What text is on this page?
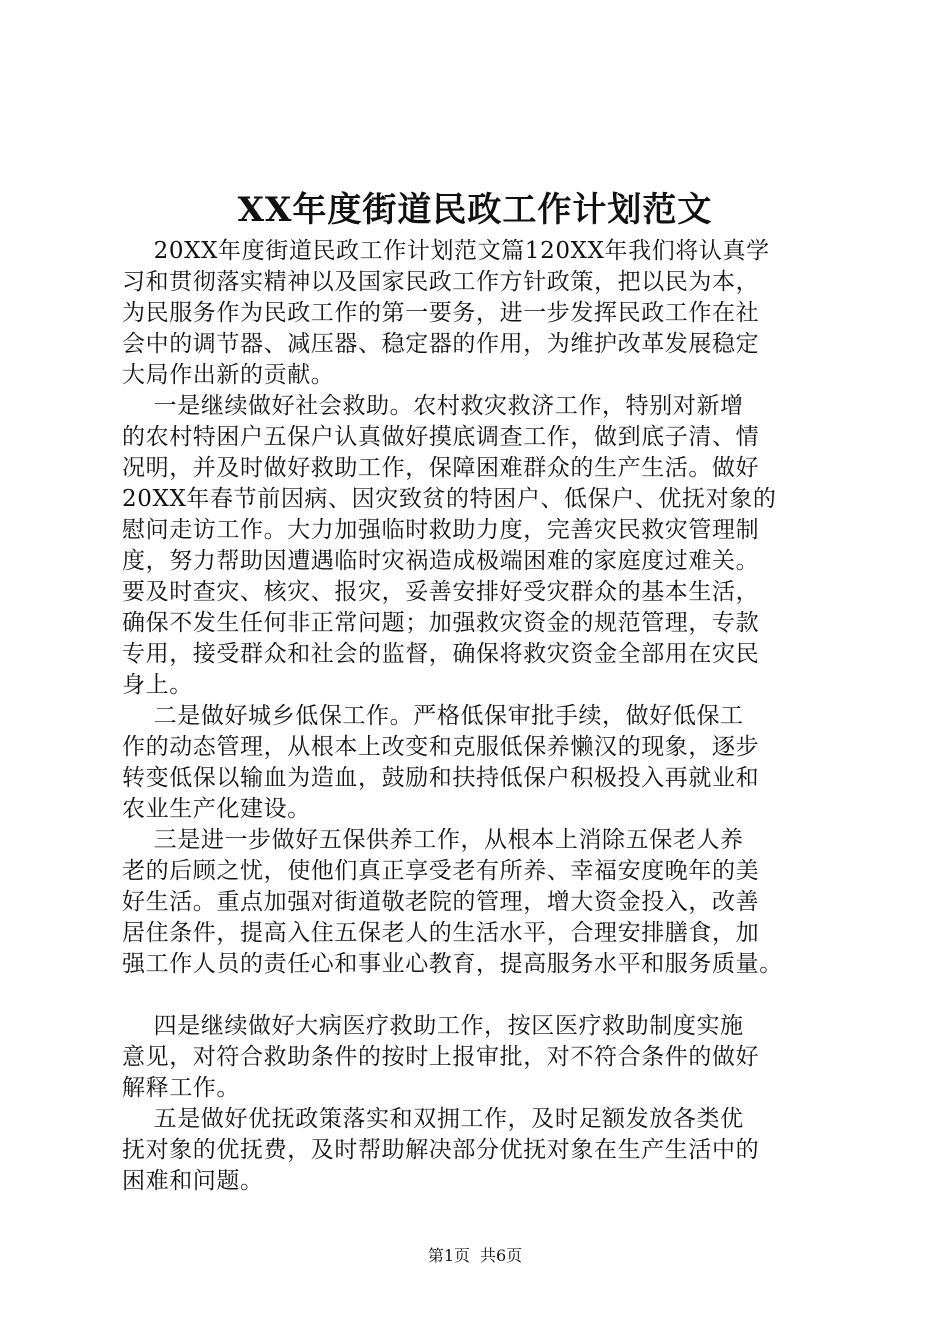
XX年度街道民政工作计划范文
20XX年度街道民政工作计划范文篇120XX年我们将认真学
习和贯彻落实精神以及国家民政工作方针政策，把以民为本，
为民服务作为民政工作的第一要务，进一步发挥民政工作在社
会中的调节器、减压器、稳定器的作用，为维护改革发展稳定
大局作出新的贡献。
一是继续做好社会救助。农村救灾救济工作，特别对新增
的农村特困户五保户认真做好摸底调查工作，做到底子清、情
况明，并及时做好救助工作，保障困难群众的生产生活。做好
20XX年春节前因病、因灾致贫的特困户、低保户、优抚对象的
慰问走访工作。大力加强临时救助力度，完善灾民救灾管理制
度，努力帮助因遭遇临时灾祸造成极端困难的家庭度过难关。
要及时查灾、核灾、报灾，妥善安排好受灾群众的基本生活，
确保不发生任何非正常问题；加强救灾资金的规范管理，专款
专用，接受群众和社会的监督，确保将救灾资金全部用在灾民
身上。
二是做好城乡低保工作。严格低保审批手续，做好低保工
作的动态管理，从根本上改变和克服低保养懒汉的现象，逐步
转变低保以输血为造血，鼓励和扶持低保户积极投入再就业和
农业生产化建设。
三是进一步做好五保供养工作，从根本上消除五保老人养
老的后顾之忧，使他们真正享受老有所养、幸福安度晚年的美
好生活。重点加强对街道敬老院的管理，增大资金投入，改善
居住条件，提高入住五保老人的生活水平，合理安排膳食，加
强工作人员的责任心和事业心教育，提高服务水平和服务质量。
四是继续做好大病医疗救助工作，按区医疗救助制度实施
意见，对符合救助条件的按时上报审批，对不符合条件的做好
解释工作。
五是做好优抚政策落实和双拥工作，及时足额发放各类优
抚对象的优抚费，及时帮助解决部分优抚对象在生产生活中的
困难和问题。
第1页 共6页
